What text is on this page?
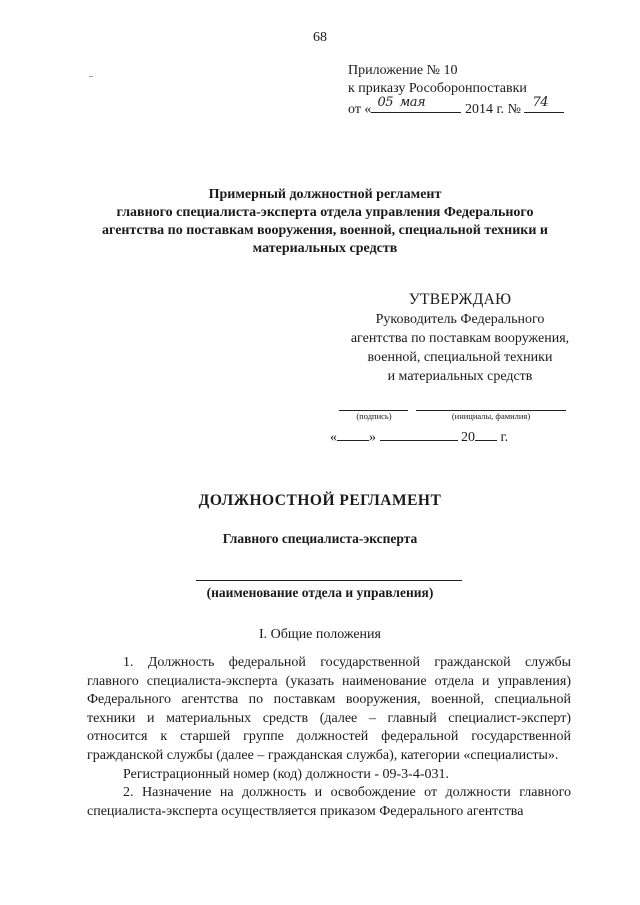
68
Приложение № 10
к приказу Рособоронпоставки
от « 05 мая	2014 г. № 74
Примерный должностной регламент
главного специалиста-эксперта отдела управления Федерального
агентства по поставкам вооружения, военной, специальной техники и
материальных средств
УТВЕРЖДАЮ
Руководитель Федерального
агентства по поставкам вооружения,
военной, специальной техники
и материальных средств
(подпись)	(инициалы, фамилия)
« »	20 г.
ДОЛЖНОСТНОЙ РЕГЛАМЕНТ
Главного специалиста-эксперта
(наименование отдела и управления)
I. Общие положения

1. Должность федеральной государственной гражданской службы главного специалиста-эксперта (указать наименование отдела и управления) Федерального агентства по поставкам вооружения, военной, специальной техники и материальных средств (далее – главный специалист-эксперт) относится к старшей группе должностей федеральной государственной гражданской службы (далее – гражданская служба), категории «специалисты».

Регистрационный номер (код) должности - 09-3-4-031.

2. Назначение на должность и освобождение от должности главного специалиста-эксперта осуществляется приказом Федерального агентства
